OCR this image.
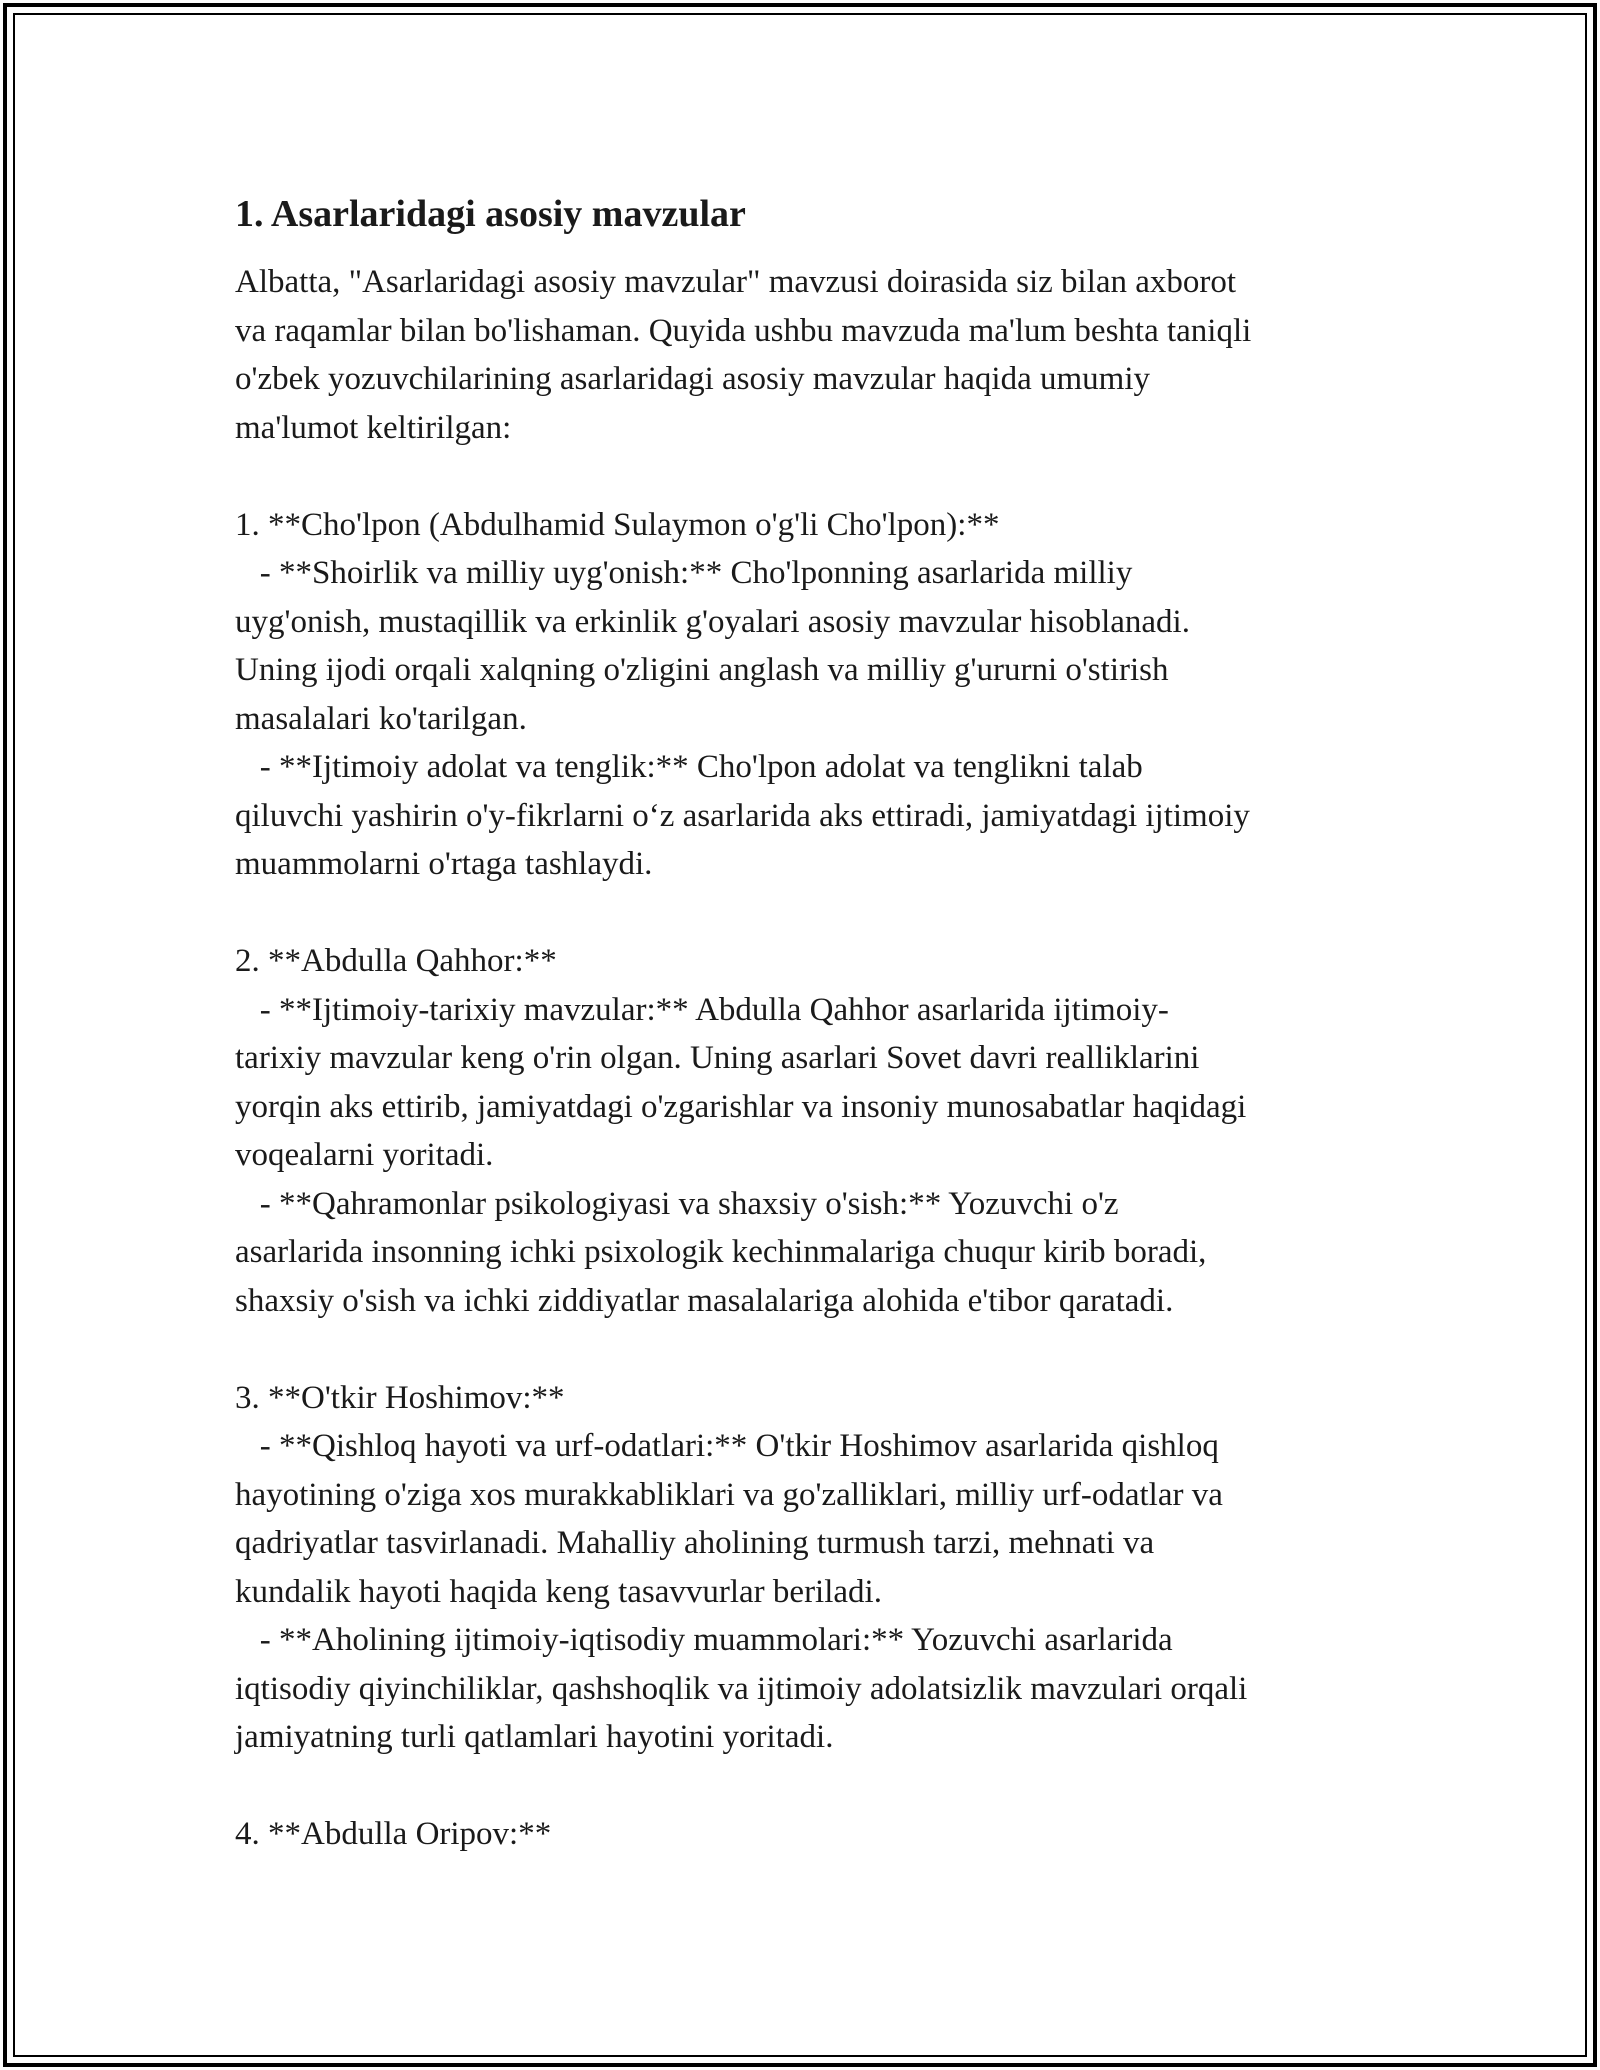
1. Asarlaridagi asosiy mavzular

Albatta, "Asarlaridagi asosiy mavzular" mavzusi doirasida siz bilan axborot
va raqamlar bilan bo'lishaman. Quyida ushbu mavzuda ma'lum beshta taniqli
o'zbek yozuvchilarining asarlaridagi asosiy mavzular haqida umumiy
ma'lumot keltirilgan:

1. **Cho'lpon (Abdulhamid Sulaymon o'g'li Cho'lpon):**
- **Shoirlik va milliy uyg'onish:** Cho'lponning asarlarida milliy
uyg'onish, mustaqillik va erkinlik g'oyalari asosiy mavzular hisoblanadi.
Uning ijodi orqali xalqning o'zligini anglash va milliy g'ururni o'stirish
masalalari ko'tarilgan.
- **Ijtimoiy adolat va tenglik:** Cho'lpon adolat va tenglikni talab
qiluvchi yashirin o'y-fikrlarni o‘z asarlarida aks ettiradi, jamiyatdagi ijtimoiy
muammolarni o'rtaga tashlaydi.

2. **Abdulla Qahhor:**
- **Ijtimoiy-tarixiy mavzular:** Abdulla Qahhor asarlarida ijtimoiy-
tarixiy mavzular keng o'rin olgan. Uning asarlari Sovet davri realliklarini
yorqin aks ettirib, jamiyatdagi o'zgarishlar va insoniy munosabatlar haqidagi
voqealarni yoritadi.
- **Qahramonlar psikologiyasi va shaxsiy o'sish:** Yozuvchi o'z
asarlarida insonning ichki psixologik kechinmalariga chuqur kirib boradi,
shaxsiy o'sish va ichki ziddiyatlar masalalariga alohida e'tibor qaratadi.

3. **O'tkir Hoshimov:**
- **Qishloq hayoti va urf-odatlari:** O'tkir Hoshimov asarlarida qishloq
hayotining o'ziga xos murakkabliklari va go'zalliklari, milliy urf-odatlar va
qadriyatlar tasvirlanadi. Mahalliy aholining turmush tarzi, mehnati va
kundalik hayoti haqida keng tasavvurlar beriladi.
- **Aholining ijtimoiy-iqtisodiy muammolari:** Yozuvchi asarlarida
iqtisodiy qiyinchiliklar, qashshoqlik va ijtimoiy adolatsizlik mavzulari orqali
jamiyatning turli qatlamlari hayotini yoritadi.

4. **Abdulla Oripov:**
